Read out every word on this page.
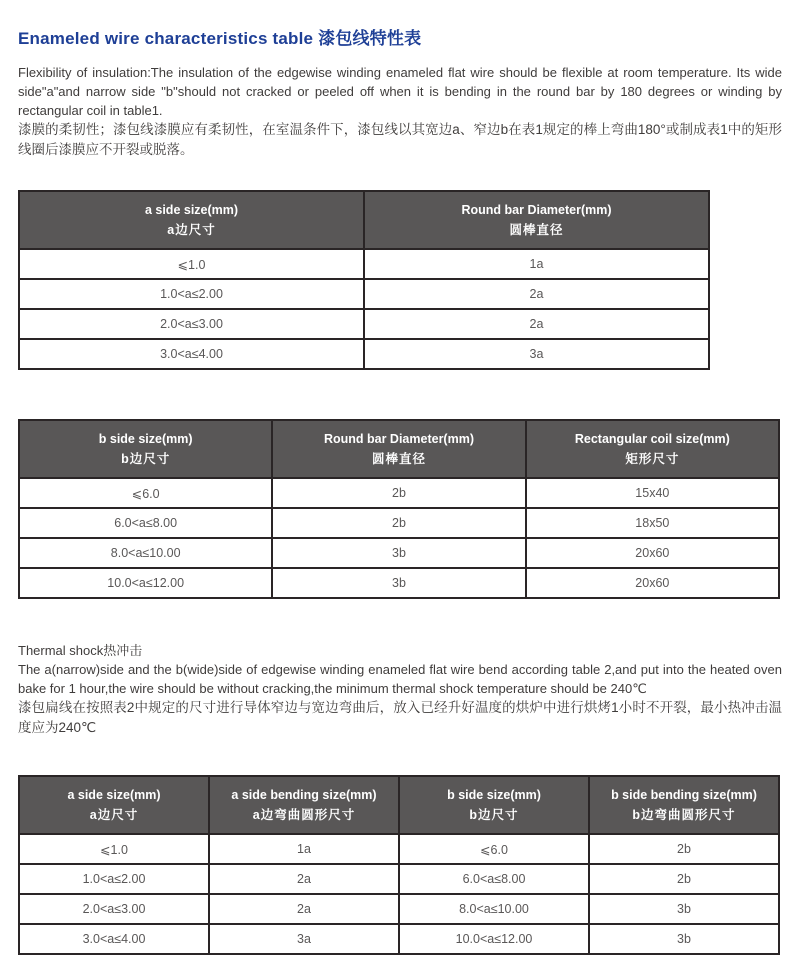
Enameled wire characteristics table 漆包线特性表

Flexibility of insulation:The insulation of the edgewise winding enameled flat wire should be flexible at room temperature. Its wide side"a"and narrow side "b"should not cracked or peeled off when it is bending in the round bar by 180 degrees or winding by rectangular coil in table1.

漆膜的柔韧性；漆包线漆膜应有柔韧性，在室温条件下，漆包线以其宽边a、窄边b在表1规定的棒上弯曲180°或制成表1中的矩形线圈后漆膜应不开裂或脱落。

a side size(mm)
a边尺寸

Round bar Diameter(mm)
圆棒直径

⩽1.0	1a
1.0<a≤2.00	2a
2.0<a≤3.00	2a
3.0<a≤4.00	3a
b side size(mm)
b边尺寸

Round bar Diameter(mm)
圆棒直径

Rectangular coil size(mm)
矩形尺寸

⩽6.0	2b	15x40
6.0<a≤8.00	2b	18x50
8.0<a≤10.00	3b	20x60
10.0<a≤12.00	3b	20x60

Thermal shock热冲击

The a(narrow)side and the b(wide)side of edgewise winding enameled flat wire bend according table 2,and put into the heated oven bake for 1 hour,the wire should be without cracking,the minimum thermal shock temperature should be 240℃

漆包扁线在按照表2中规定的尺寸进行导体窄边与宽边弯曲后，放入已经升好温度的烘炉中进行烘烤1小时不开裂，最小热冲击温度应为240℃

a side size(mm)
a边尺寸

a side bending size(mm)
a边弯曲圆形尺寸

b side size(mm)
b边尺寸

b side bending size(mm)
b边弯曲圆形尺寸

⩽1.0	1a	⩽6.0	2b
1.0<a≤2.00	2a	6.0<a≤8.00	2b
2.0<a≤3.00	2a	8.0<a≤10.00	3b
3.0<a≤4.00	3a	10.0<a≤12.00	3b
